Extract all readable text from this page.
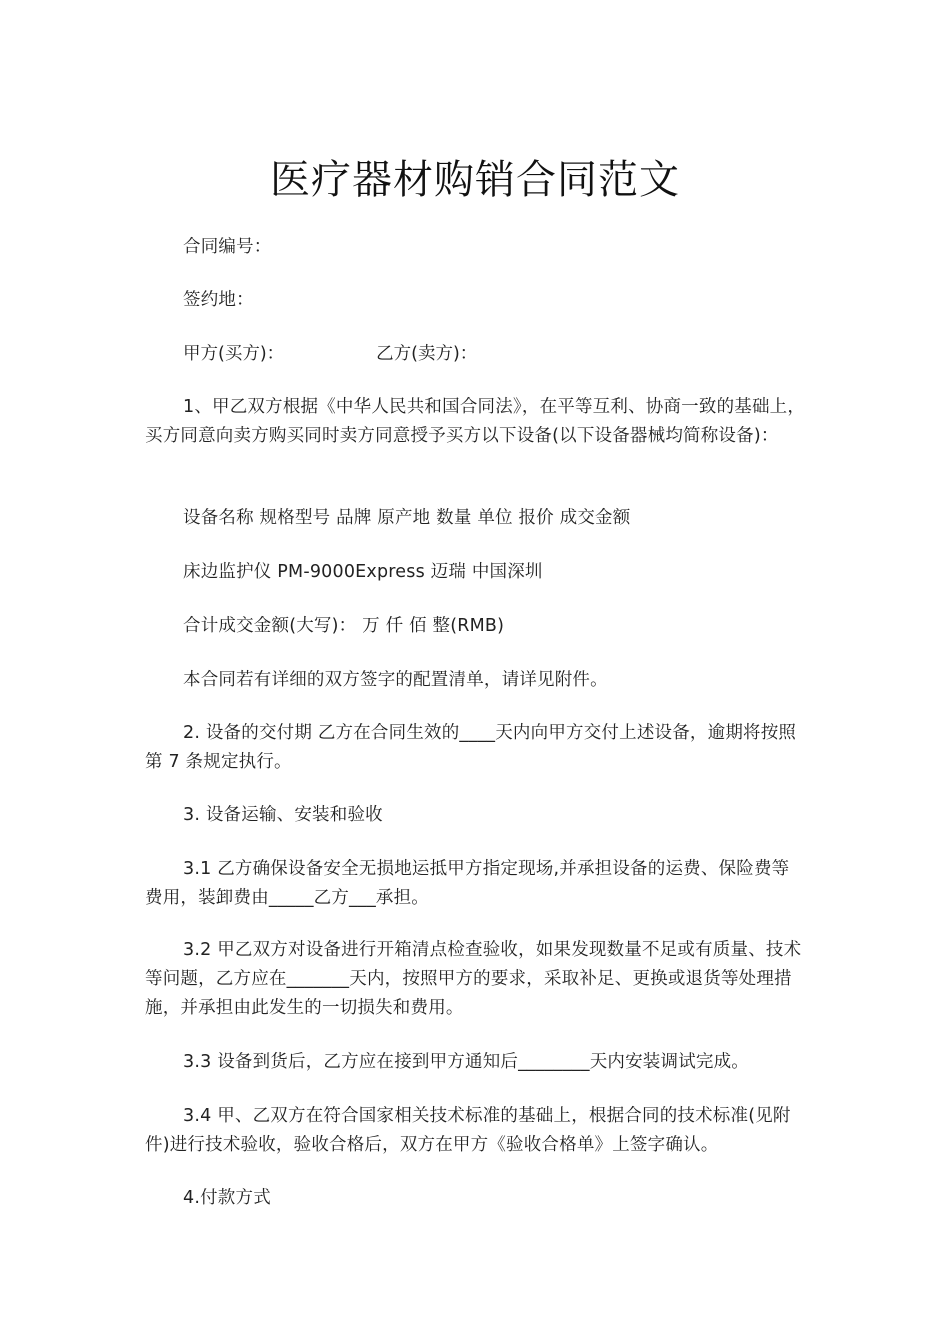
医疗器材购销合同范文
合同编号：
签约地：
甲方(买方)：	乙方(卖方)：
1、甲乙双方根据《中华人民共和国合同法》，在平等互利、协商一致的基础上，买方同意向卖方购买同时卖方同意授予买方以下设备(以下设备器械均简称设备)：
设备名称 规格型号 品牌 原产地 数量 单位 报价 成交金额
床边监护仪 PM-9000Express 迈瑞 中国深圳
合计成交金额(大写)： 万 仟 佰 整(RMB)
本合同若有详细的双方签字的配置清单，请详见附件。
2. 设备的交付期 乙方在合同生效的____天内向甲方交付上述设备，逾期将按照第 7 条规定执行。
3. 设备运输、安装和验收
3.1 乙方确保设备安全无损地运抵甲方指定现场,并承担设备的运费、保险费等费用，装卸费由_____乙方___承担。
3.2 甲乙双方对设备进行开箱清点检查验收，如果发现数量不足或有质量、技术等问题，乙方应在_______天内，按照甲方的要求，采取补足、更换或退货等处理措施，并承担由此发生的一切损失和费用。
3.3 设备到货后，乙方应在接到甲方通知后________天内安装调试完成。
3.4 甲、乙双方在符合国家相关技术标准的基础上，根据合同的技术标准(见附件)进行技术验收，验收合格后，双方在甲方《验收合格单》上签字确认。
4.付款方式
